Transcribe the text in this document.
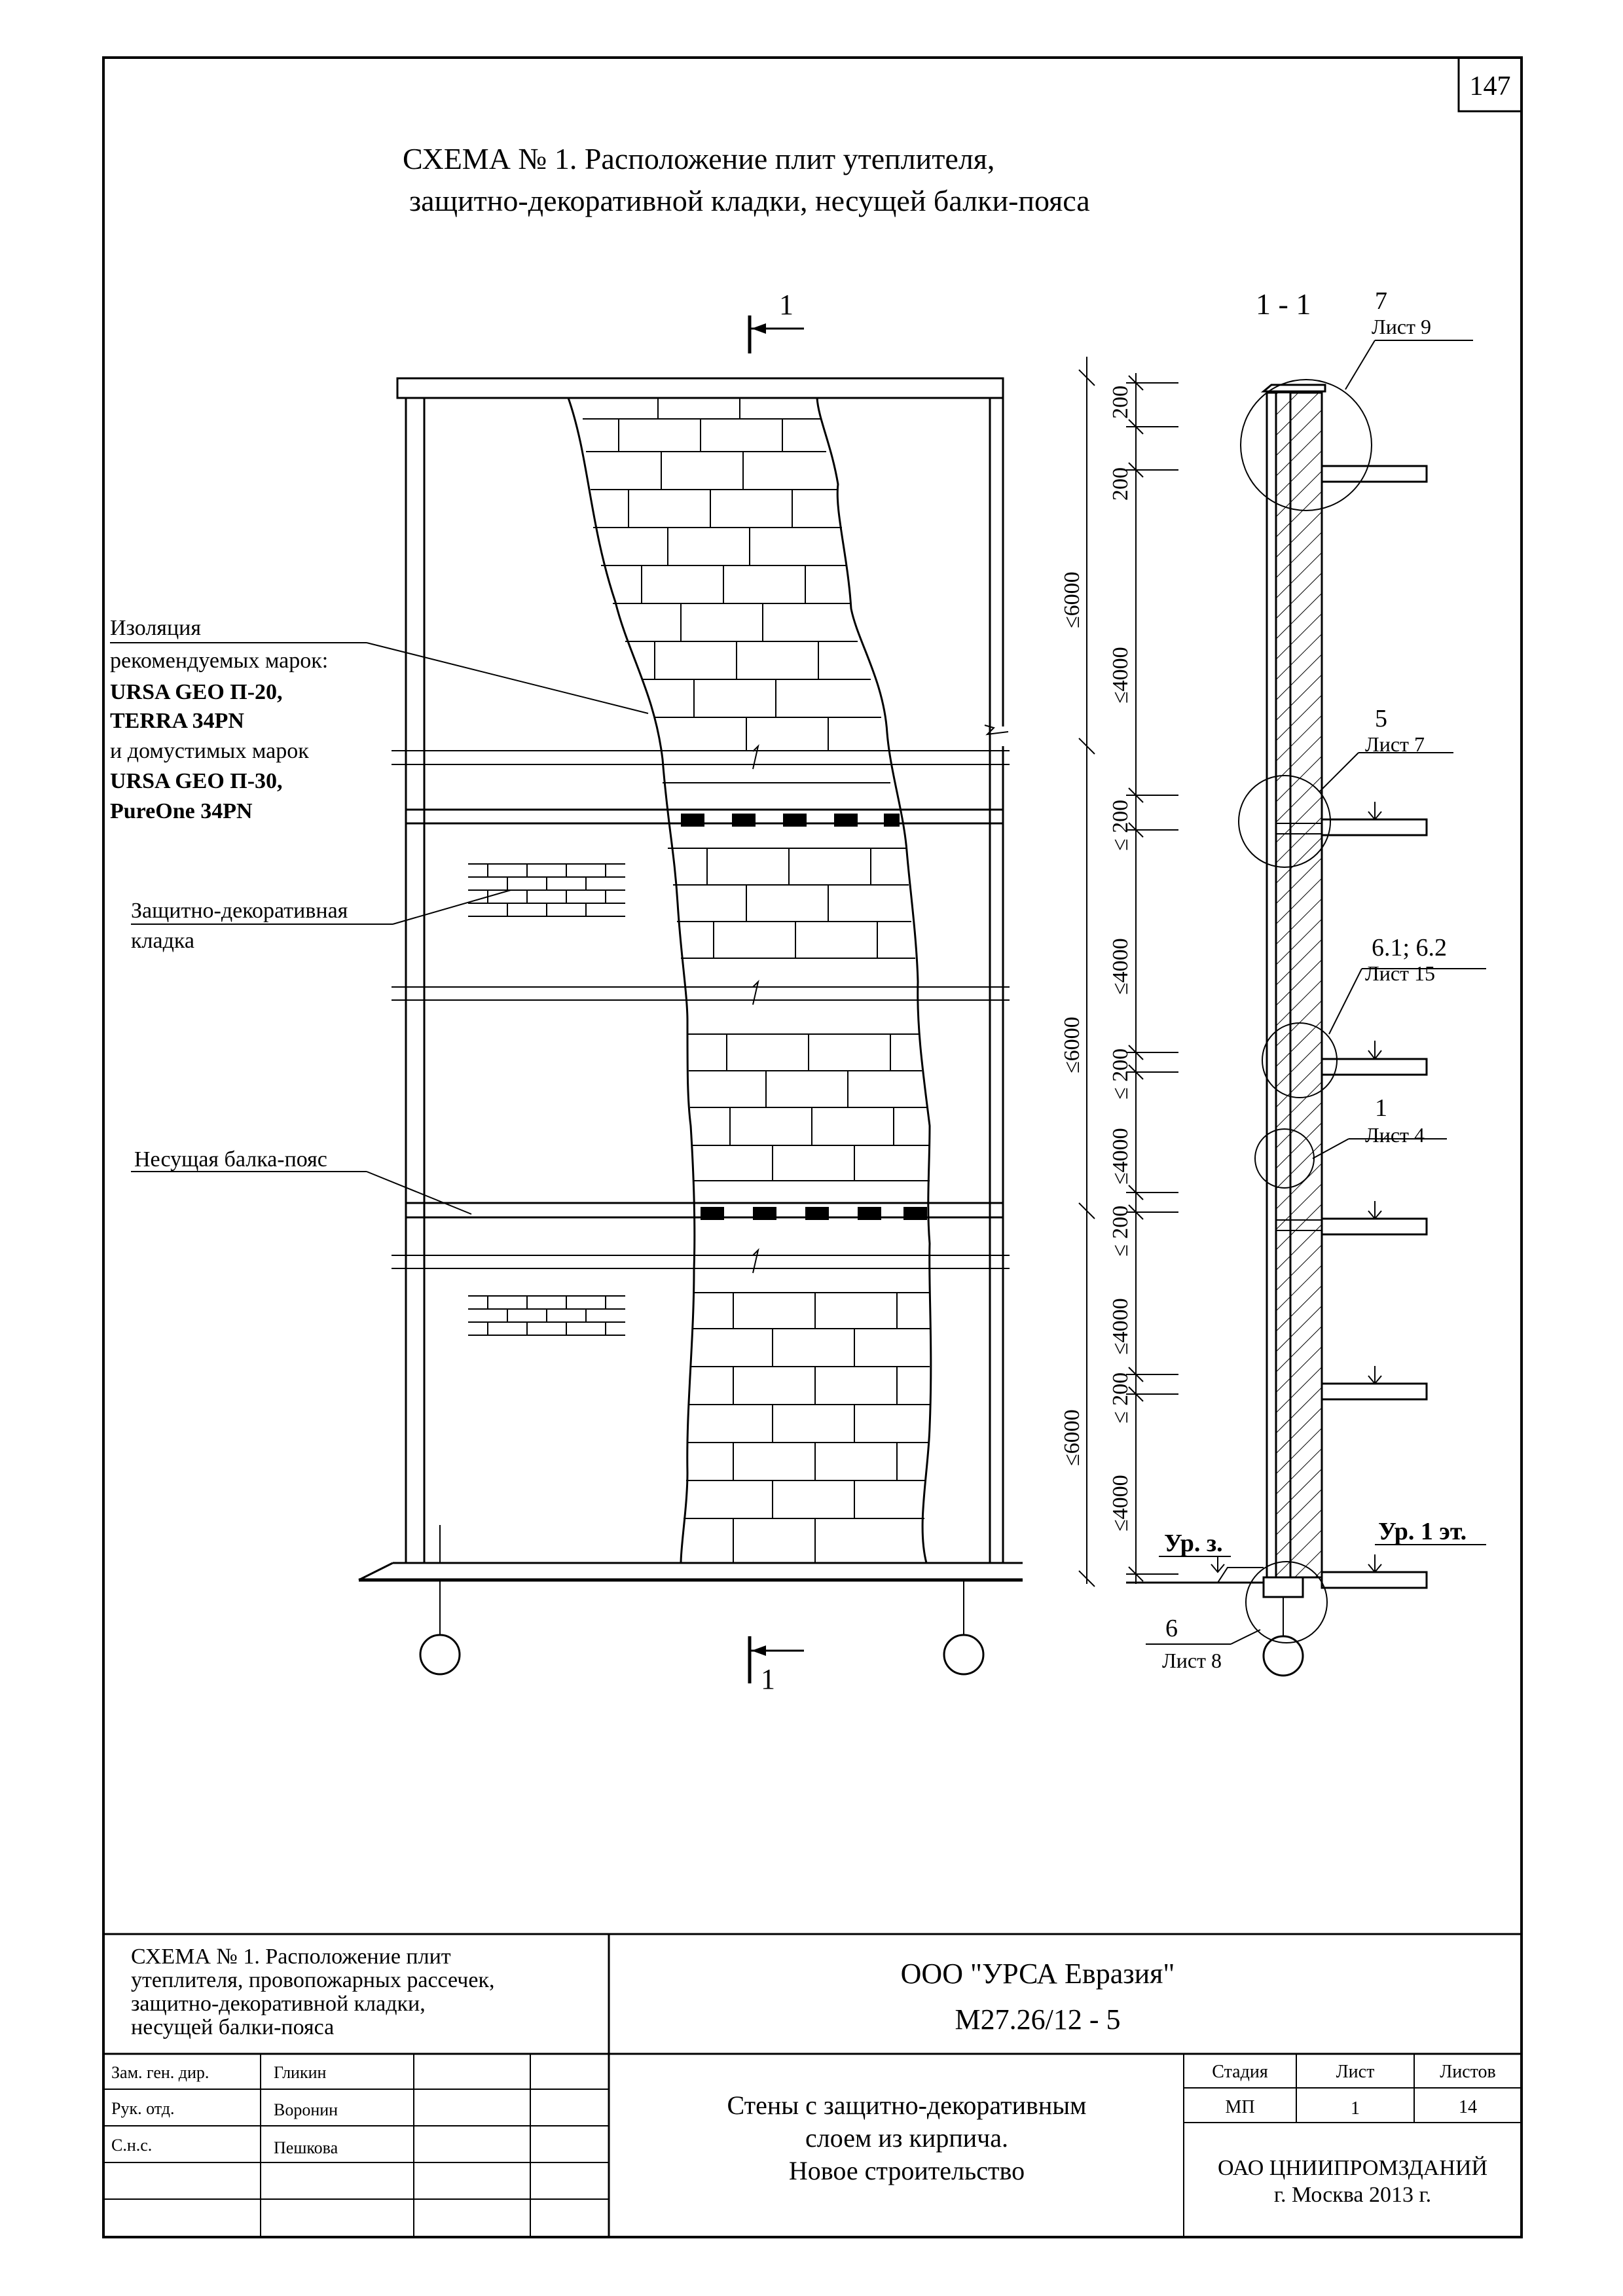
147
СХЕМА № 1. Расположение плит утеплителя,
защитно-декоративной кладки, несущей балки-пояса
1
1
Изоляция
рекомендуемых марок:
URSA GEO П-20,
TERRA 34PN
и домустимых марок
URSA GEO П-30,
PureOne 34PN
Защитно-декоративная
кладка
Несущая балка-пояс
≤6000
≤6000
≤6000
200
200
≤4000
≤ 200
≤4000
≤ 200
≤4000
≤ 200
≤4000
≤ 200
≤4000
1 - 1	7
Лист 9
5
Лист 7
6.1; 6.2
Лист 15
1
Лист 4
6
Лист 8
Ур. з.	Ур. 1 эт.
СХЕМА № 1. Расположение плит
утеплителя, провопожарных рассечек,
защитно-декоративной кладки,
несущей балки-пояса
ООО "УРСА Евразия"
М27.26/12 - 5
Зам. ген. дир.	Гликин
Рук. отд.	Воронин
С.н.с.	Пешкова
Стены с защитно-декоративным
слоем из кирпича.
Новое строительство
Стадия	Лист	Листов
МП	1	14
ОАО ЦНИИПРОМЗДАНИЙ
г. Москва 2013 г.
